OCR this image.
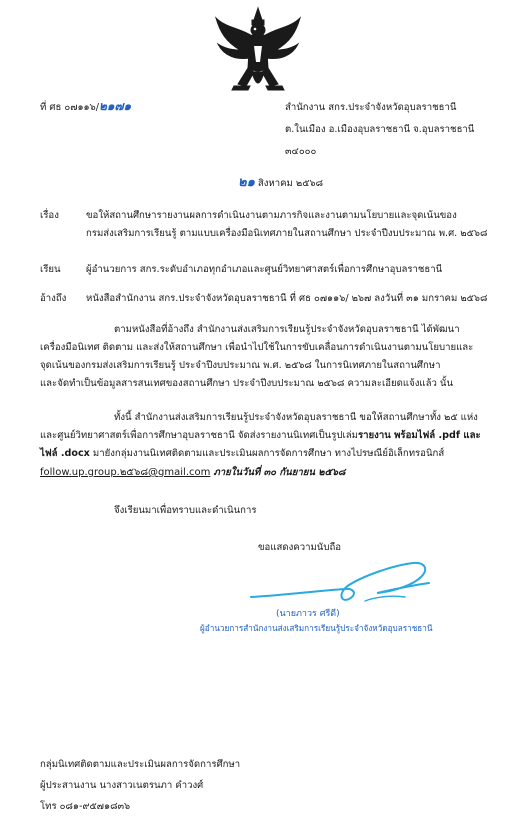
ที่ ศธ ๐๗๑๑๖/๒๑๗๑	สำนักงาน สกร.ประจำจังหวัดอุบลราชธานี
ต.ในเมือง อ.เมืองอุบลราชธานี จ.อุบลราชธานี
๓๔๐๐๐
๒๑ สิงหาคม ๒๕๖๘
เรื่อง	ขอให้สถานศึกษารายงานผลการดำเนินงานตามภารกิจและงานตามนโยบายและจุดเน้นของ
กรมส่งเสริมการเรียนรู้ ตามแบบเครื่องมือนิเทศภายในสถานศึกษา ประจำปีงบประมาณ พ.ศ. ๒๕๖๘
เรียน	ผู้อำนวยการ สกร.ระดับอำเภอทุกอำเภอและศูนย์วิทยาศาสตร์เพื่อการศึกษาอุบลราชธานี
อ้างถึง หนังสือสำนักงาน สกร.ประจำจังหวัดอุบลราชธานี ที่ ศธ ๐๗๑๑๖/ ๒๖๗ ลงวันที่ ๓๑ มกราคม ๒๕๖๘
ตามหนังสือที่อ้างถึง สำนักงานส่งเสริมการเรียนรู้ประจำจังหวัดอุบลราชธานี ได้พัฒนา
เครื่องมือนิเทศ ติดตาม และส่งให้สถานศึกษา เพื่อนำไปใช้ในการขับเคลื่อนการดำเนินงานตามนโยบายและ
จุดเน้นของกรมส่งเสริมการเรียนรู้ ประจำปีงบประมาณ พ.ศ. ๒๕๖๘ ในการนิเทศภายในสถานศึกษา
และจัดทำเป็นข้อมูลสารสนเทศของสถานศึกษา ประจำปีงบประมาณ ๒๕๖๘ ความละเอียดแจ้งแล้ว นั้น
ทั้งนี้ สำนักงานส่งเสริมการเรียนรู้ประจำจังหวัดอุบลราชธานี ขอให้สถานศึกษาทั้ง ๒๕ แห่ง
และศูนย์วิทยาศาสตร์เพื่อการศึกษาอุบลราชธานี จัดส่งรายงานนิเทศเป็นรูปเล่มรายงาน พร้อมไฟล์ .pdf และ
ไฟล์ .docx มายังกลุ่มงานนิเทศติดตามและประเมินผลการจัดการศึกษา ทางไปรษณีย์อิเล็กทรอนิกส์
follow.up.group.๒๕๖๘@gmail.com ภายในวันที่ ๓๐ กันยายน ๒๕๖๘
จึงเรียนมาเพื่อทราบและดำเนินการ
ขอแสดงความนับถือ
(นายภาวร ศรีดี)
ผู้อำนวยการสำนักงานส่งเสริมการเรียนรู้ประจำจังหวัดอุบลราชธานี
กลุ่มนิเทศติดตามและประเมินผลการจัดการศึกษา
ผู้ประสานงาน นางสาวเนตรนภา คำวงศ์
โทร ๐๘๑-๙๕๗๑๘๓๖
